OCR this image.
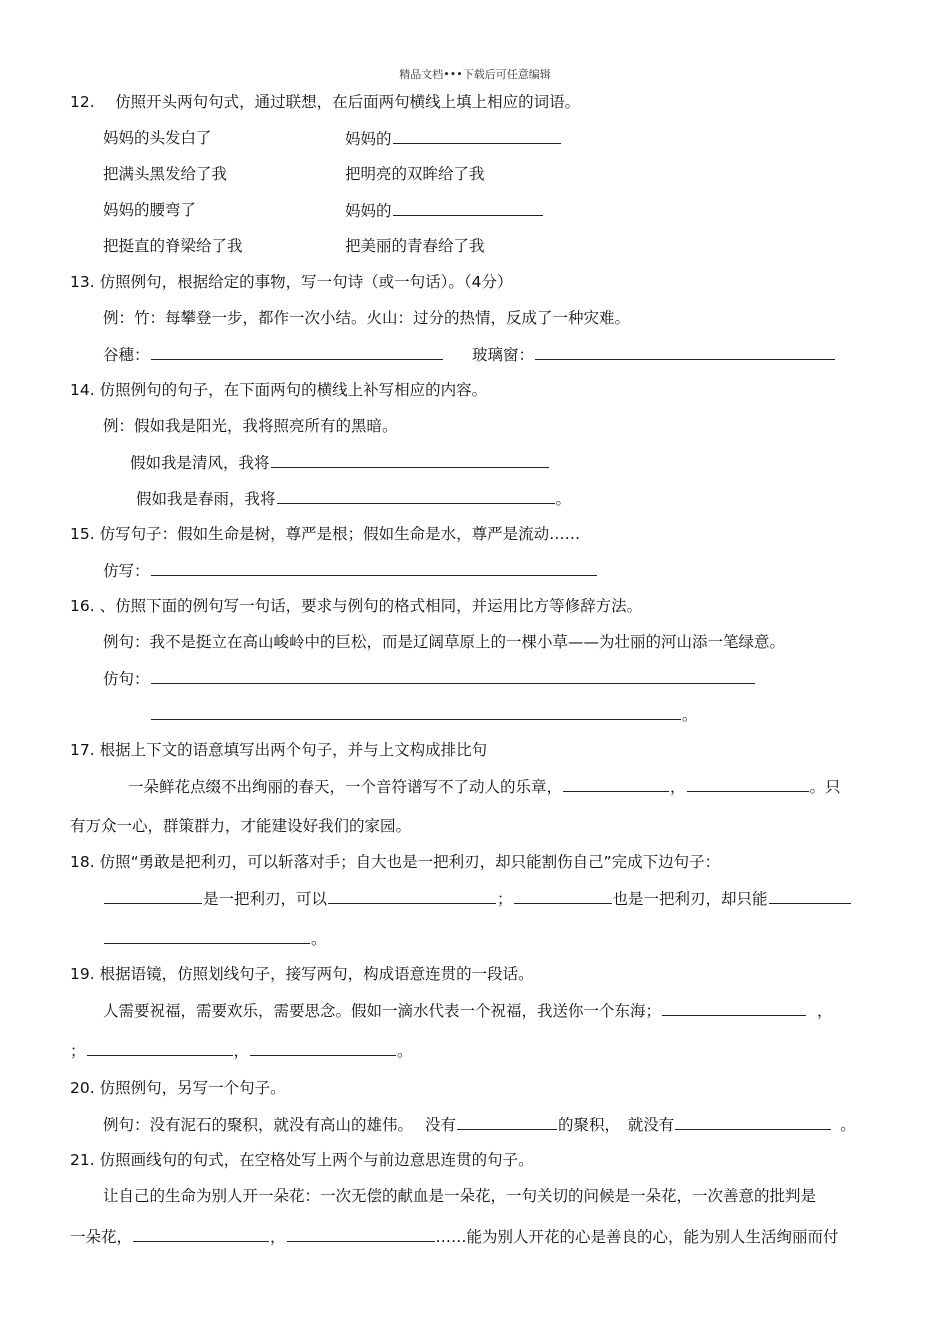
精品文档•••下载后可任意编辑
12.　 仿照开头两句句式，通过联想，在后面两句横线上填上相应的词语。
妈妈的头发白了	妈妈的
把满头黑发给了我	把明亮的双眸给了我
妈妈的腰弯了	妈妈的
把挺直的脊梁给了我	把美丽的青春给了我
13. 仿照例句，根据给定的事物，写一句诗（或一句话）。（4分）
例：竹：每攀登一步，都作一次小结。火山：过分的热情，反成了一种灾难。
谷穗：	玻璃窗：
14. 仿照例句的句子，在下面两句的横线上补写相应的内容。
例：假如我是阳光，我将照亮所有的黑暗。
假如我是清风，我将
假如我是春雨，我将	。
15. 仿写句子：假如生命是树，尊严是根；假如生命是水，尊严是流动……
仿写：
16. 、仿照下面的例句写一句话，要求与例句的格式相同，并运用比方等修辞方法。
例句：我不是挺立在高山峻岭中的巨松，而是辽阔草原上的一棵小草——为壮丽的河山添一笔绿意。
仿句：
。
17. 根据上下文的语意填写出两个句子，并与上文构成排比句
一朵鲜花点缀不出绚丽的春天，一个音符谱写不了动人的乐章，	，	。只
有万众一心，群策群力，才能建设好我们的家园。
18. 仿照“勇敢是把利刃，可以斩落对手；自大也是一把利刃，却只能割伤自己”完成下边句子：
是一把利刃，可以	；	也是一把利刃，却只能
。
19. 根据语镜，仿照划线句子，接写两句，构成语意连贯的一段话。
人需要祝福，需要欢乐，需要思念。假如一滴水代表一个祝福，我送你一个东海；	，
；	，	。
20. 仿照例句，另写一个句子。
例句：没有泥石的聚积，就没有高山的雄伟。 没有	的聚积，　就没有	。
21. 仿照画线句的句式，在空格处写上两个与前边意思连贯的句子。
让自己的生命为别人开一朵花：一次无偿的献血是一朵花，一句关切的问候是一朵花，一次善意的批判是
一朵花，	，	……能为别人开花的心是善良的心，能为别人生活绚丽而付
